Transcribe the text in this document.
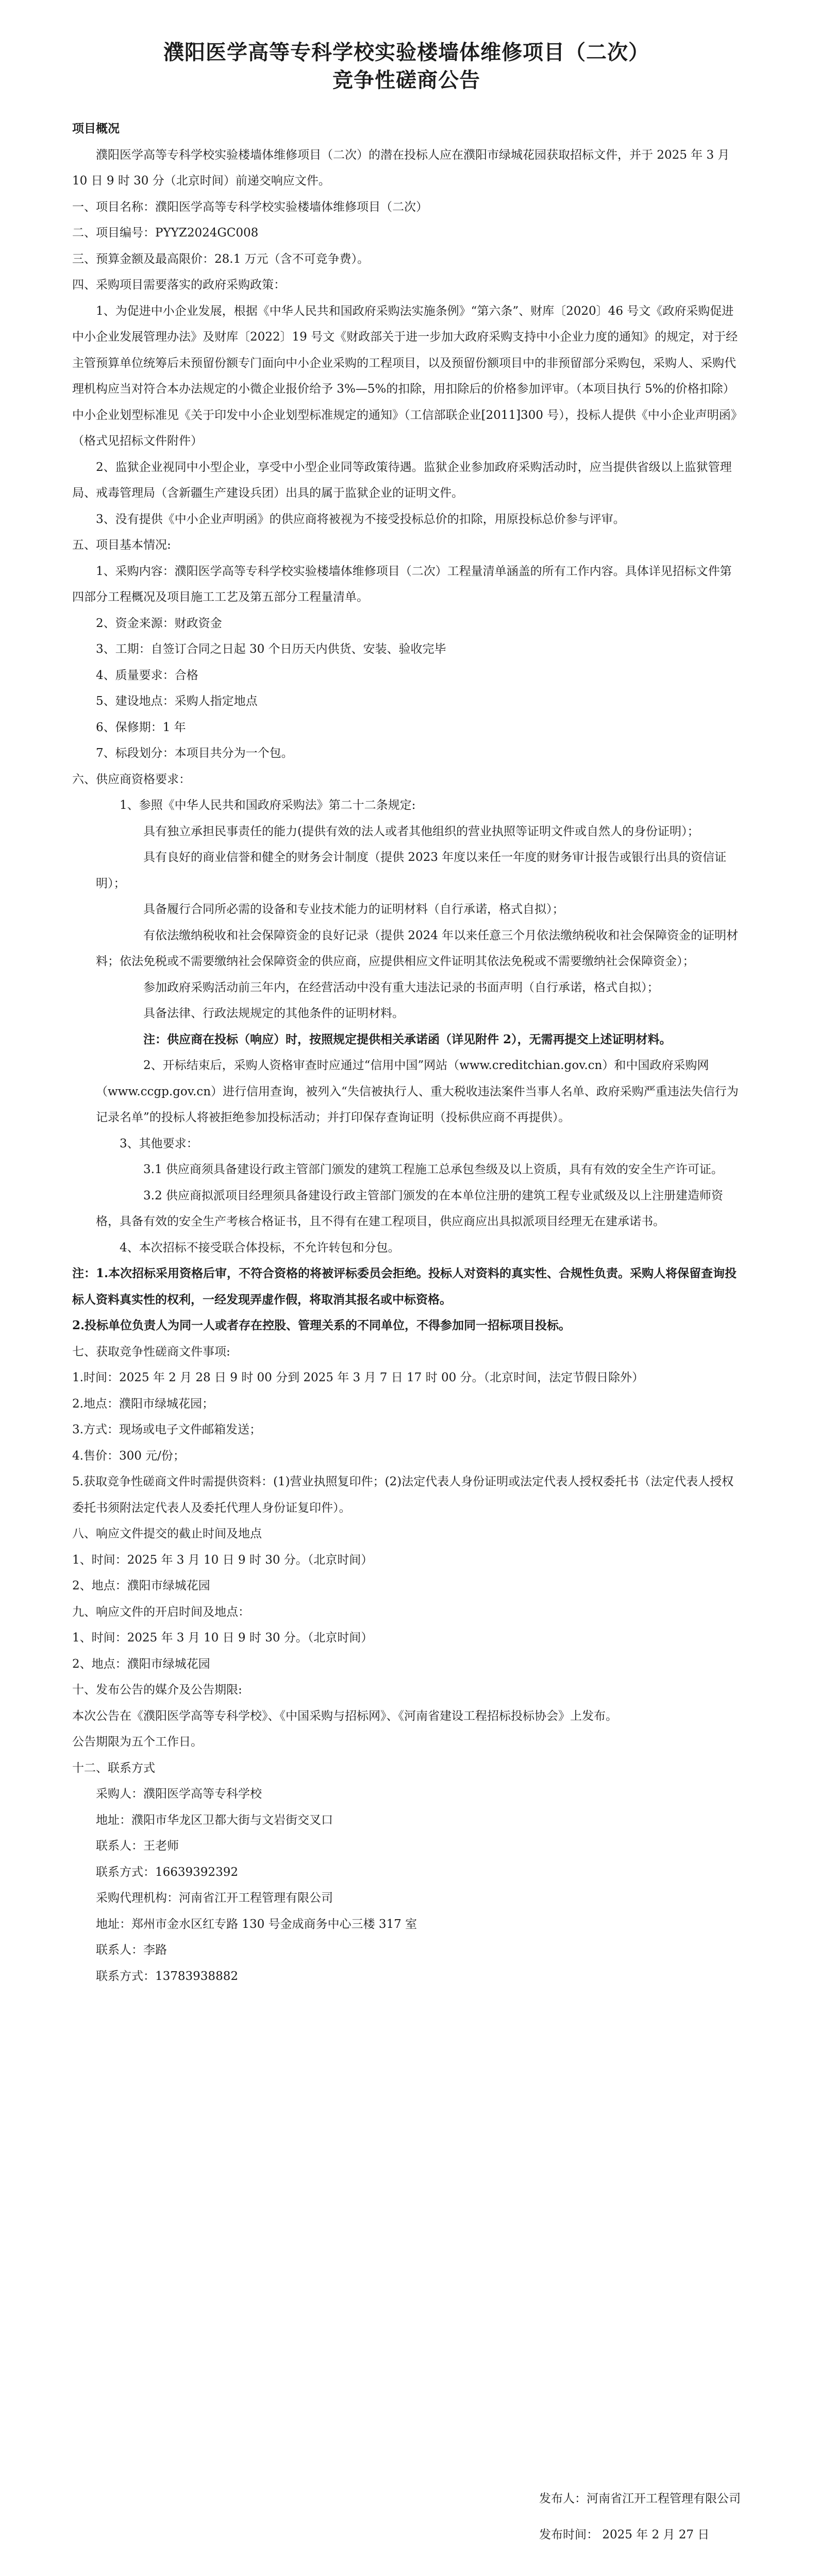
濮阳医学高等专科学校实验楼墙体维修项目（二次）
竞争性磋商公告

项目概况

濮阳医学高等专科学校实验楼墙体维修项目（二次）的潜在投标人应在濮阳市绿城花园获取招标文件，并于 2025 年 3 月 10 日 9 时 30 分（北京时间）前递交响应文件。

一、项目名称：濮阳医学高等专科学校实验楼墙体维修项目（二次）

二、项目编号：PYYZ2024GC008

三、预算金额及最高限价：28.1 万元（含不可竞争费）。

四、采购项目需要落实的政府采购政策：

1、为促进中小企业发展，根据《中华人民共和国政府采购法实施条例》“第六条”、财库〔2020〕46 号文《政府采购促进中小企业发展管理办法》及财库〔2022〕19 号文《财政部关于进一步加大政府采购支持中小企业力度的通知》的规定，对于经主管预算单位统筹后未预留份额专门面向中小企业采购的工程项目，以及预留份额项目中的非预留部分采购包，采购人、采购代理机构应当对符合本办法规定的小微企业报价给予 3%—5%的扣除，用扣除后的价格参加评审。（本项目执行 5%的价格扣除）

中小企业划型标准见《关于印发中小企业划型标准规定的通知》（工信部联企业[2011]300 号），投标人提供《中小企业声明函》（格式见招标文件附件）

2、监狱企业视同中小型企业，享受中小型企业同等政策待遇。监狱企业参加政府采购活动时，应当提供省级以上监狱管理局、戒毒管理局（含新疆生产建设兵团）出具的属于监狱企业的证明文件。

3、没有提供《中小企业声明函》的供应商将被视为不接受投标总价的扣除，用原投标总价参与评审。

五、项目基本情况:

1、采购内容：濮阳医学高等专科学校实验楼墙体维修项目（二次）工程量清单涵盖的所有工作内容。具体详见招标文件第四部分工程概况及项目施工工艺及第五部分工程量清单。

2、资金来源：财政资金

3、工期：自签订合同之日起 30 个日历天内供货、安装、验收完毕

4、质量要求：合格

5、建设地点：采购人指定地点

6、保修期：1 年

7、标段划分：本项目共分为一个包。

六、供应商资格要求：

1、参照《中华人民共和国政府采购法》第二十二条规定:

具有独立承担民事责任的能力(提供有效的法人或者其他组织的营业执照等证明文件或自然人的身份证明）；

具有良好的商业信誉和健全的财务会计制度（提供 2023 年度以来任一年度的财务审计报告或银行出具的资信证明）；

具备履行合同所必需的设备和专业技术能力的证明材料（自行承诺，格式自拟）；

有依法缴纳税收和社会保障资金的良好记录（提供 2024 年以来任意三个月依法缴纳税收和社会保障资金的证明材料；依法免税或不需要缴纳社会保障资金的供应商，应提供相应文件证明其依法免税或不需要缴纳社会保障资金）；

参加政府采购活动前三年内，在经营活动中没有重大违法记录的书面声明（自行承诺，格式自拟）；

具备法律、行政法规规定的其他条件的证明材料。

注：供应商在投标（响应）时，按照规定提供相关承诺函（详见附件 2），无需再提交上述证明材料。

2、开标结束后，采购人资格审查时应通过“信用中国”网站（www.creditchian.gov.cn）和中国政府采购网（www.ccgp.gov.cn）进行信用查询，被列入“失信被执行人、重大税收违法案件当事人名单、政府采购严重违法失信行为记录名单”的投标人将被拒绝参加投标活动；并打印保存查询证明（投标供应商不再提供）。

3、其他要求：

3.1 供应商须具备建设行政主管部门颁发的建筑工程施工总承包叁级及以上资质，具有有效的安全生产许可证。

3.2 供应商拟派项目经理须具备建设行政主管部门颁发的在本单位注册的建筑工程专业贰级及以上注册建造师资格，具备有效的安全生产考核合格证书，且不得有在建工程项目，供应商应出具拟派项目经理无在建承诺书。

4、本次招标不接受联合体投标，不允许转包和分包。

注：1.本次招标采用资格后审，不符合资格的将被评标委员会拒绝。投标人对资料的真实性、合规性负责。采购人将保留查询投标人资料真实性的权利，一经发现弄虚作假，将取消其报名或中标资格。

2.投标单位负责人为同一人或者存在控股、管理关系的不同单位，不得参加同一招标项目投标。

七、获取竞争性磋商文件事项:

1.时间：2025 年 2 月 28 日 9 时 00 分到 2025 年 3 月 7 日 17 时 00 分。（北京时间，法定节假日除外）

2.地点：濮阳市绿城花园；

3.方式：现场或电子文件邮箱发送；

4.售价：300 元/份；

5.获取竞争性磋商文件时需提供资料：(1)营业执照复印件；(2)法定代表人身份证明或法定代表人授权委托书（法定代表人授权委托书须附法定代表人及委托代理人身份证复印件）。

八、响应文件提交的截止时间及地点

1、时间：2025 年 3 月 10 日 9 时 30 分。（北京时间）

2、地点：濮阳市绿城花园

九、响应文件的开启时间及地点：

1、时间：2025 年 3 月 10 日 9 时 30 分。（北京时间）

2、地点：濮阳市绿城花园

十、发布公告的媒介及公告期限:

本次公告在《濮阳医学高等专科学校》、《中国采购与招标网》、《河南省建设工程招标投标协会》上发布。

公告期限为五个工作日。

十二、联系方式

采购人：濮阳医学高等专科学校

地址：濮阳市华龙区卫都大街与文岩街交叉口

联系人：王老师

联系方式：16639392392

采购代理机构：河南省江开工程管理有限公司

地址：郑州市金水区红专路 130 号金成商务中心三楼 317 室

联系人：李路

联系方式：13783938882

发布人：河南省江开工程管理有限公司

发布时间： 2025 年 2 月 27 日
